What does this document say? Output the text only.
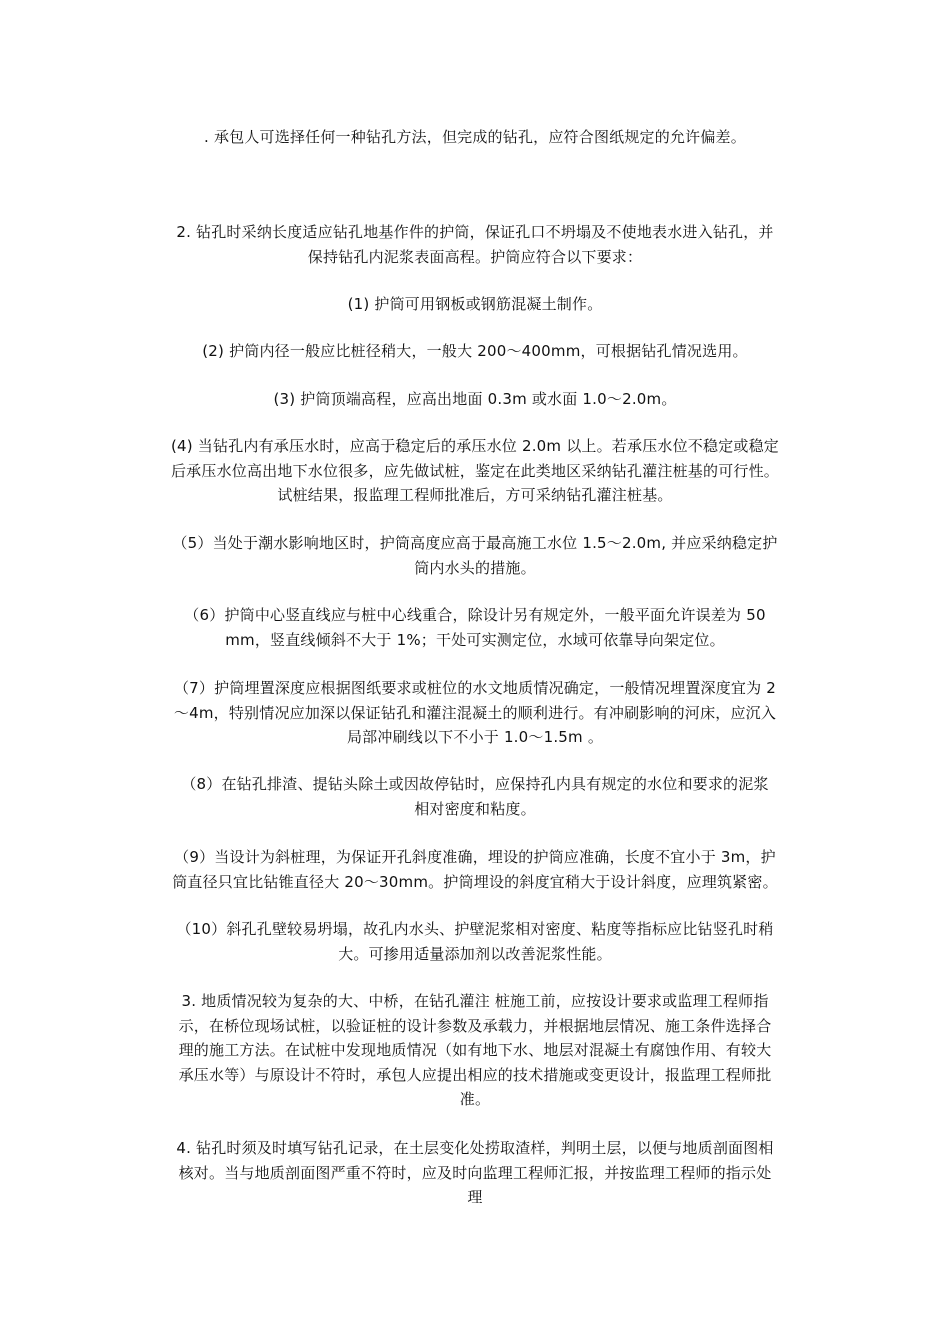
. 承包人可选择任何一种钻孔方法，但完成的钻孔，应符合图纸规定的允许偏差。
2. 钻孔时采纳长度适应钻孔地基作件的护筒，保证孔口不坍塌及不使地表水进入钻孔，并
保持钻孔内泥浆表面高程。护筒应符合以下要求：
(1) 护筒可用钢板或钢筋混凝土制作。
(2) 护筒内径一般应比桩径稍大，一般大 200～400mm，可根据钻孔情况选用。
(3) 护筒顶端高程，应高出地面 0.3m 或水面 1.0～2.0m。
(4) 当钻孔内有承压水时，应高于稳定后的承压水位 2.0m 以上。若承压水位不稳定或稳定
后承压水位高出地下水位很多，应先做试桩，鉴定在此类地区采纳钻孔灌注桩基的可行性。
试桩结果，报监理工程师批准后，方可采纳钻孔灌注桩基。
（5）当处于潮水影响地区时，护筒高度应高于最高施工水位 1.5～2.0m, 并应采纳稳定护
筒内水头的措施。
（6）护筒中心竖直线应与桩中心线重合，除设计另有规定外，一般平面允许误差为 50
mm，竖直线倾斜不大于 1%；干处可实测定位，水域可依靠导向架定位。
（7）护筒埋置深度应根据图纸要求或桩位的水文地质情况确定，一般情况埋置深度宜为 2
～4m，特别情况应加深以保证钻孔和灌注混凝土的顺利进行。有冲刷影响的河床，应沉入
局部冲刷线以下不小于 1.0～1.5m 。
（8）在钻孔排渣、提钻头除土或因故停钻时，应保持孔内具有规定的水位和要求的泥浆
相对密度和粘度。
（9）当设计为斜桩理，为保证开孔斜度准确，埋设的护筒应准确，长度不宜小于 3m，护
筒直径只宜比钻锥直径大 20～30mm。护筒埋设的斜度宜稍大于设计斜度，应理筑紧密。
（10）斜孔孔壁较易坍塌，故孔内水头、护壁泥浆相对密度、粘度等指标应比钻竖孔时稍
大。可掺用适量添加剂以改善泥浆性能。
3. 地质情况较为复杂的大、中桥，在钻孔灌注 桩施工前，应按设计要求或监理工程师指
示，在桥位现场试桩，以验证桩的设计参数及承载力，并根据地层情况、施工条件选择合
理的施工方法。在试桩中发现地质情况（如有地下水、地层对混凝土有腐蚀作用、有较大
承压水等）与原设计不符时，承包人应提出相应的技术措施或变更设计，报监理工程师批
准。
4. 钻孔时须及时填写钻孔记录，在土层变化处捞取渣样，判明土层，以便与地质剖面图相
核对。当与地质剖面图严重不符时，应及时向监理工程师汇报，并按监理工程师的指示处
理
